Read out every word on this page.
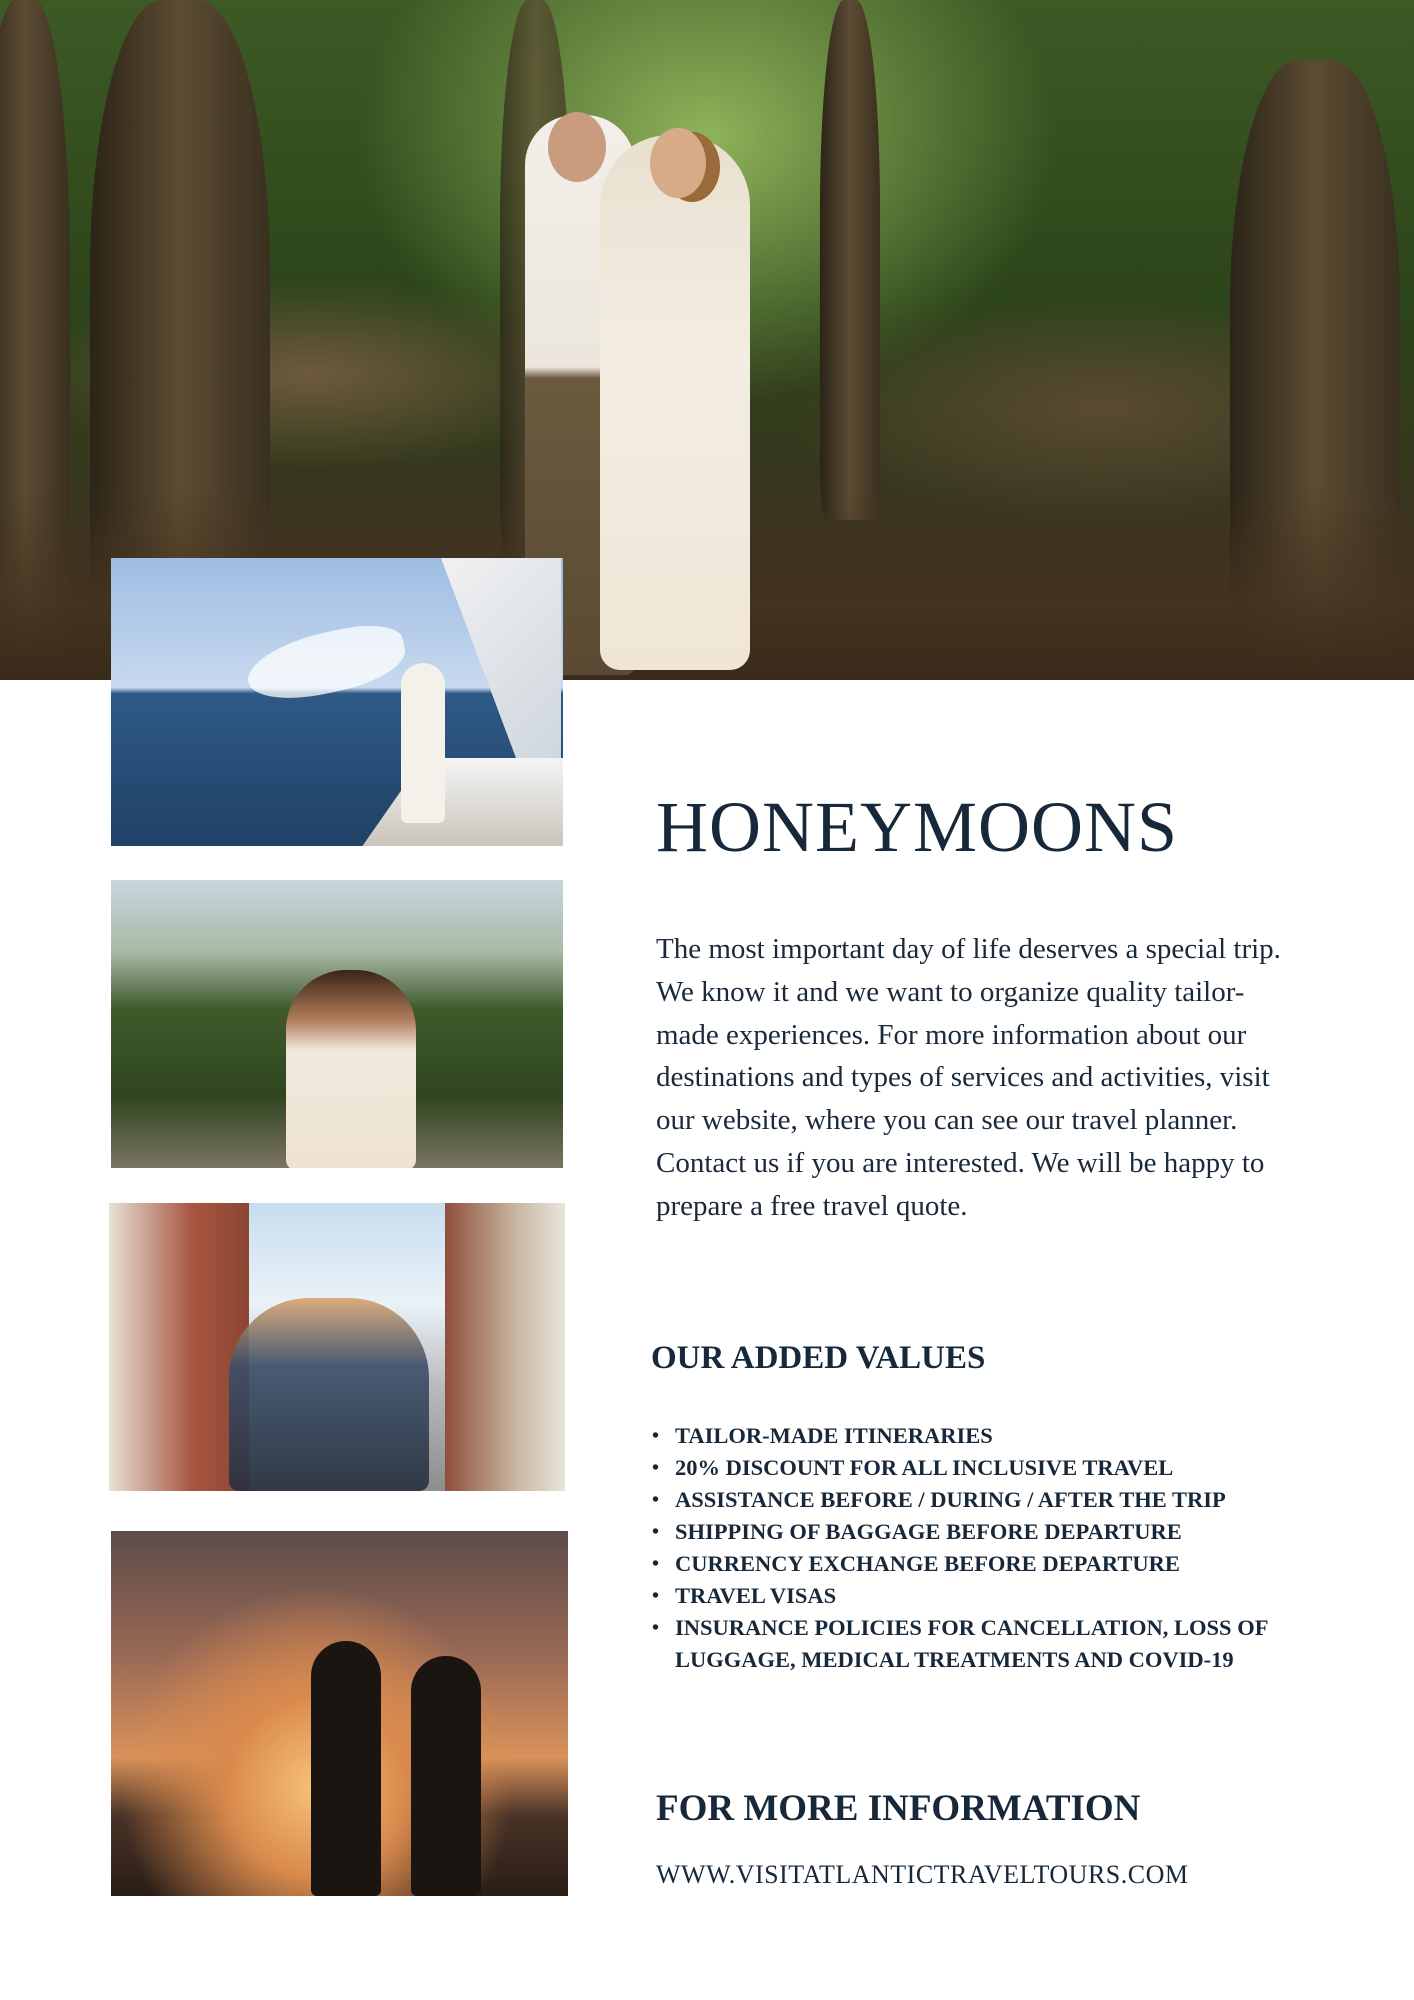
HONEYMOONS

The most important day of life deserves a special trip. We know it and we want to organize quality tailor-made experiences. For more information about our destinations and types of services and activities, visit our website, where you can see our travel planner. Contact us if you are interested. We will be happy to prepare a free travel quote.

OUR ADDED VALUES
• TAILOR-MADE ITINERARIES
• 20% DISCOUNT FOR ALL INCLUSIVE TRAVEL
• ASSISTANCE BEFORE / DURING / AFTER THE TRIP
• SHIPPING OF BAGGAGE BEFORE DEPARTURE
• CURRENCY EXCHANGE BEFORE DEPARTURE
• TRAVEL VISAS
• INSURANCE POLICIES FOR CANCELLATION, LOSS OF LUGGAGE, MEDICAL TREATMENTS AND COVID-19
FOR MORE INFORMATION

WWW.VISITATLANTICTRAVELTOURS.COM
